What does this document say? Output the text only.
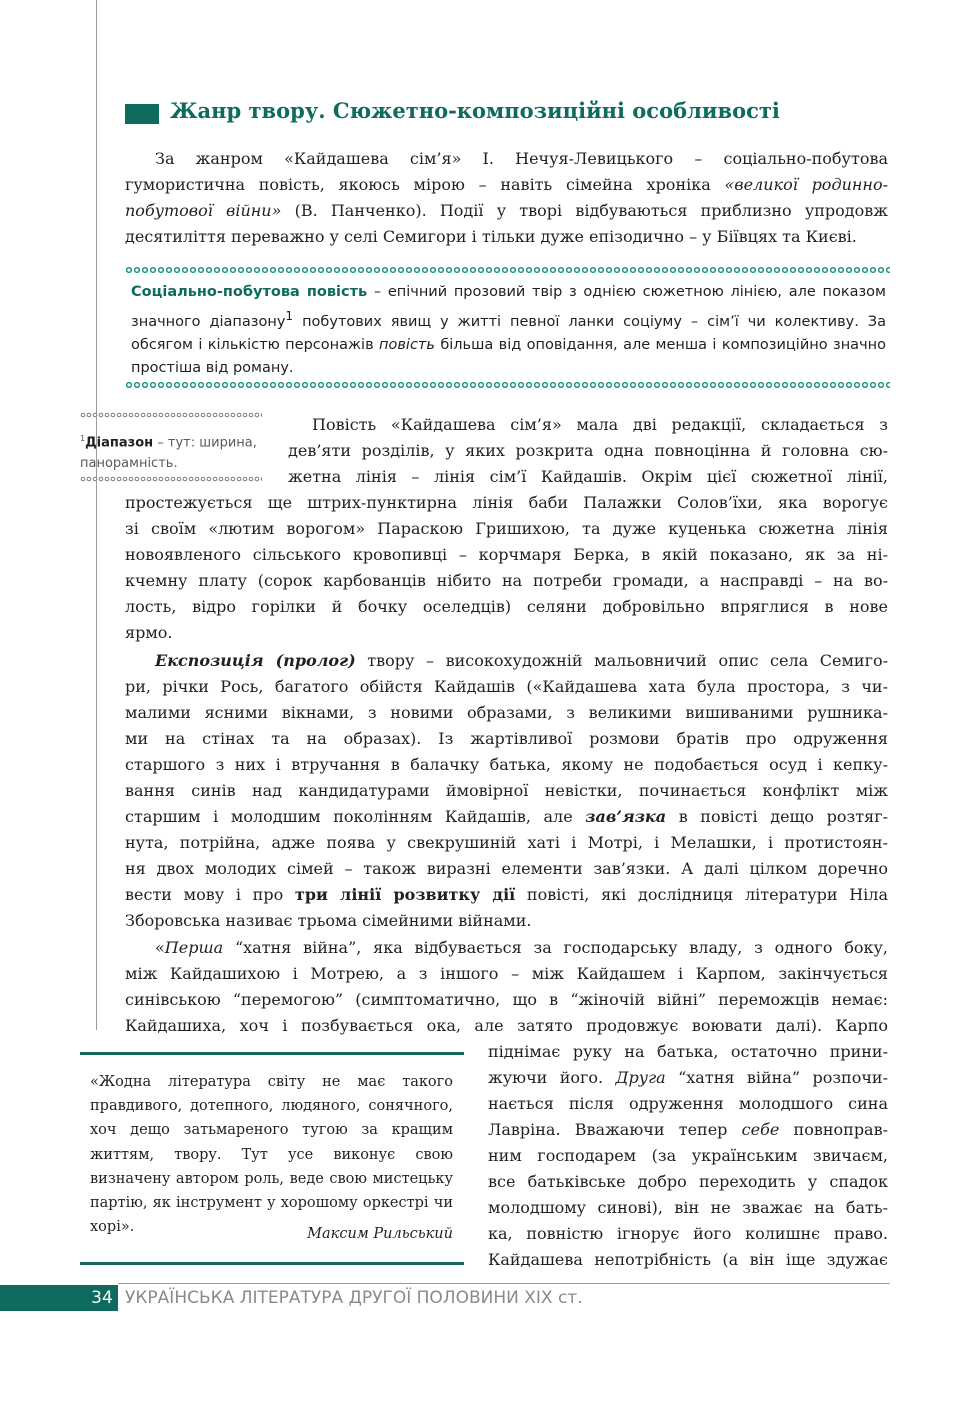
Жанр твору. Сюжетно-композиційні особливості
За жанром «Кайдашева сім’я» І. Нечуя-Левицького – соціально-побутова гумористична повість, якоюсь мірою – навіть сімейна хроніка «великої родинно-побутової війни» (В. Панченко). Події у творі відбуваються приблизно упродовж десятиліття переважно у селі Семигори і тільки дуже епізодично – у Біївцях та Києві.
Соціально-побутова повість – епічний прозовий твір з однією сюжетною лінією, але показом значного діапазону$^1$ побутових явищ у житті певної ланки соціуму – сім’ї чи колективу. За обсягом і кількістю персонажів повість більша від оповідання, але менша і композиційно значно простіша від роману.
$^1$Діапазон – тут: ширина, панорамність.
Повість «Кайдашева сім’я» мала дві редакції, складається з
дев’яти розділів, у яких розкрита одна повноцінна й головна сю-
жетна лінія – лінія сім’ї Кайдашів. Окрім цієї сюжетної лінії,
простежується ще штрих-пунктирна лінія баби Палажки Солов’їхи, яка ворогує
зі своїм «лютим ворогом» Параскою Гришихою, та дуже куценька сюжетна лінія
новоявленого сільського кровопивці – корчмаря Берка, в якій показано, як за ні-
кчемну плату (сорок карбованців нібито на потреби громади, а насправді – на во-
лость, відро горілки й бочку оселедців) селяни добровільно впряглися в нове
ярмо.
Експозиція (пролог) твору – високохудожній мальовничий опис села Семиго-
ри, річки Рось, багатого обійстя Кайдашів («Кайдашева хата була простора, з чи-
малими ясними вікнами, з новими образами, з великими вишиваними рушника-
ми на стінах та на образах). Із жартівливої розмови братів про одруження
старшого з них і втручання в балачку батька, якому не подобається осуд і кепку-
вання синів над кандидатурами ймовірної невістки, починається конфлікт між
старшим і молодшим поколінням Кайдашів, але зав’язка в повісті дещо розтяг-
нута, потрійна, адже поява у свекрушиній хаті і Мотрі, і Мелашки, і протистоян-
ня двох молодих сімей – також виразні елементи зав’язки. А далі цілком доречно
вести мову і про три лінії розвитку дії повісті, які дослідниця літератури Ніла
Зборовська називає трьома сімейними війнами.
«Перша “хатня війна”, яка відбувається за господарську владу, з одного боку,
між Кайдашихою і Мотрею, а з іншого – між Кайдашем і Карпом, закінчується
синівською “перемогою” (симптоматично, що в “жіночій війні” переможців немає:
Кайдашиха, хоч і позбувається ока, але затято продовжує воювати далі). Карпо
піднімає руку на батька, остаточно прини-
жуючи його. Друга “хатня війна” розпочи-
нається після одруження молодшого сина
Лавріна. Вважаючи тепер себе повноправ-
ним господарем (за українським звичаєм,
все батьківське добро переходить у спадок
молодшому синові), він не зважає на бать-
ка, повністю ігнорує його колишнє право.
Кайдашева непотрібність (а він іще здужає
«Жодна література світу не має такого правдивого, дотепного, людяного, сонячного, хоч дещо затьмареного тугою за кращим життям, твору. Тут усе виконує свою визначену автором роль, веде свою мистецьку партію, як інструмент у хорошому оркестрі чи хорі».	Максим Рильський
34 УКРАЇНСЬКА ЛІТЕРАТУРА ДРУГОЇ ПОЛОВИНИ XIX ст.
